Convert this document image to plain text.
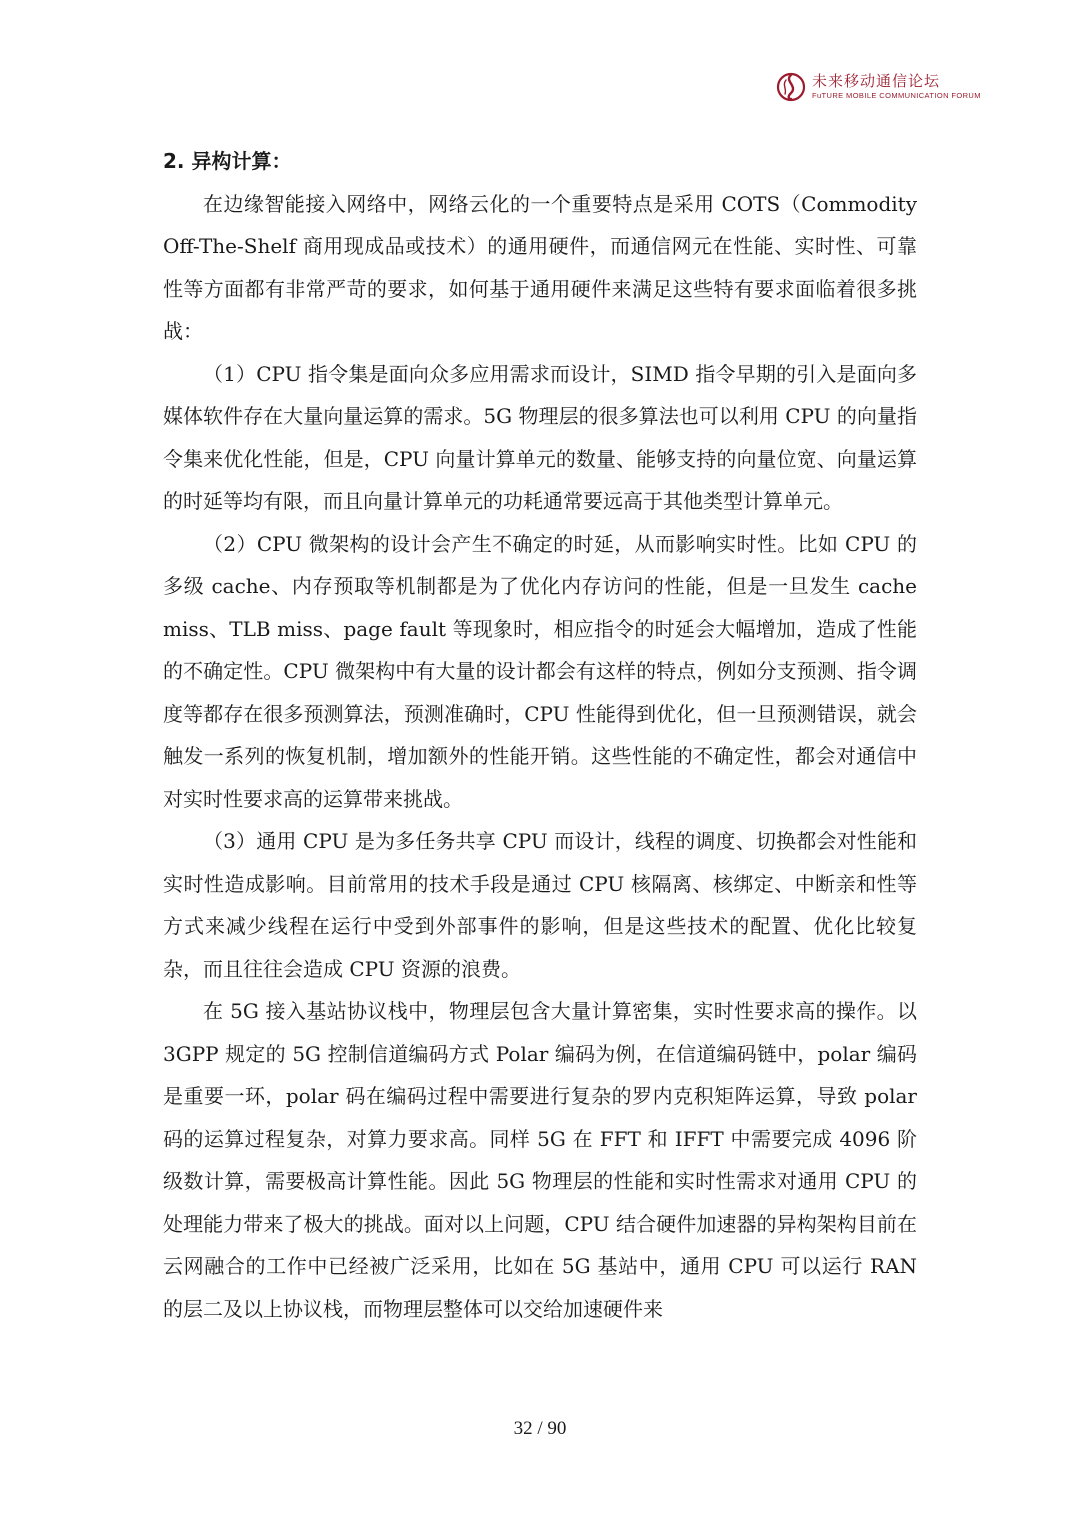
未来移动通信论坛
FuTURE MOBILE COMMUNICATION FORUM

2. 异构计算：

在边缘智能接入网络中，网络云化的一个重要特点是采用 COTS（Commodity Off-The-Shelf 商用现成品或技术）的通用硬件，而通信网元在性能、实时性、可靠性等方面都有非常严苛的要求，如何基于通用硬件来满足这些特有要求面临着很多挑战：

（1）CPU 指令集是面向众多应用需求而设计，SIMD 指令早期的引入是面向多媒体软件存在大量向量运算的需求。5G 物理层的很多算法也可以利用 CPU 的向量指令集来优化性能，但是，CPU 向量计算单元的数量、能够支持的向量位宽、向量运算的时延等均有限，而且向量计算单元的功耗通常要远高于其他类型计算单元。

（2）CPU 微架构的设计会产生不确定的时延，从而影响实时性。比如 CPU 的多级 cache、内存预取等机制都是为了优化内存访问的性能，但是一旦发生 cache miss、TLB miss、page fault 等现象时，相应指令的时延会大幅增加，造成了性能的不确定性。CPU 微架构中有大量的设计都会有这样的特点，例如分支预测、指令调度等都存在很多预测算法，预测准确时，CPU 性能得到优化，但一旦预测错误，就会触发一系列的恢复机制，增加额外的性能开销。这些性能的不确定性，都会对通信中对实时性要求高的运算带来挑战。

（3）通用 CPU 是为多任务共享 CPU 而设计，线程的调度、切换都会对性能和实时性造成影响。目前常用的技术手段是通过 CPU 核隔离、核绑定、中断亲和性等方式来减少线程在运行中受到外部事件的影响，但是这些技术的配置、优化比较复杂，而且往往会造成 CPU 资源的浪费。

在 5G 接入基站协议栈中，物理层包含大量计算密集，实时性要求高的操作。以 3GPP 规定的 5G 控制信道编码方式 Polar 编码为例，在信道编码链中，polar 编码是重要一环，polar 码在编码过程中需要进行复杂的罗内克积矩阵运算，导致 polar 码的运算过程复杂，对算力要求高。同样 5G 在 FFT 和 IFFT 中需要完成 4096 阶级数计算，需要极高计算性能。因此 5G 物理层的性能和实时性需求对通用 CPU 的处理能力带来了极大的挑战。面对以上问题，CPU 结合硬件加速器的异构架构目前在云网融合的工作中已经被广泛采用，比如在 5G 基站中，通用 CPU 可以运行 RAN 的层二及以上协议栈，而物理层整体可以交给加速硬件来

32 / 90
